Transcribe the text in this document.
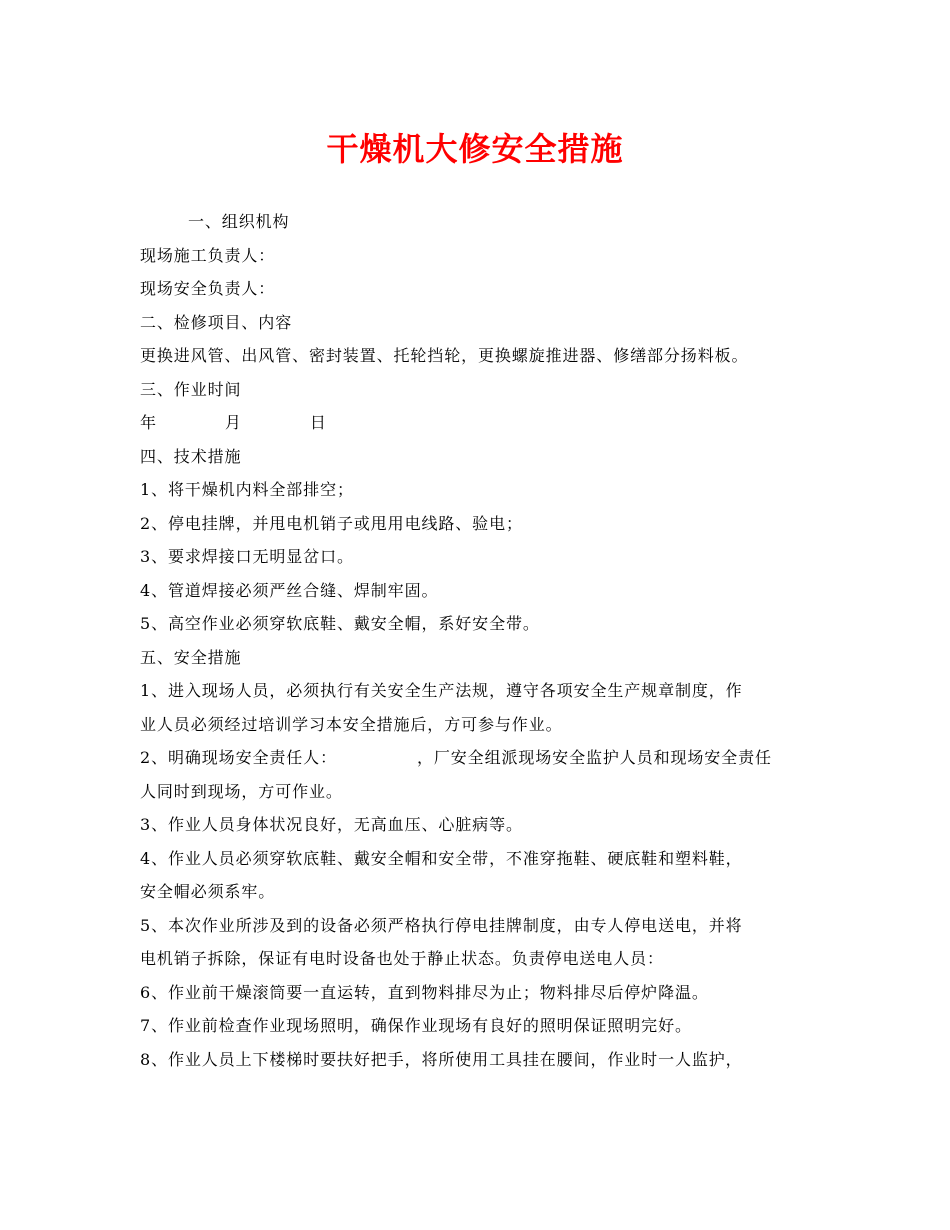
干燥机大修安全措施
一、组织机构
现场施工负责人：
现场安全负责人：
二、检修项目、内容
更换进风管、出风管、密封装置、托轮挡轮，更换螺旋推进器、修缮部分扬料板。
三、作业时间
年	月	日
四、技术措施
1、将干燥机内料全部排空；
2、停电挂牌，并甩电机销子或甩用电线路、验电；
3、要求焊接口无明显岔口。
4、管道焊接必须严丝合缝、焊制牢固。
5、高空作业必须穿软底鞋、戴安全帽，系好安全带。
五、安全措施
1、进入现场人员，必须执行有关安全生产法规，遵守各项安全生产规章制度，作
业人员必须经过培训学习本安全措施后，方可参与作业。
2、明确现场安全责任人：	，厂安全组派现场安全监护人员和现场安全责任
人同时到现场，方可作业。
3、作业人员身体状况良好，无高血压、心脏病等。
4、作业人员必须穿软底鞋、戴安全帽和安全带，不准穿拖鞋、硬底鞋和塑料鞋，
安全帽必须系牢。
5、本次作业所涉及到的设备必须严格执行停电挂牌制度，由专人停电送电，并将
电机销子拆除，保证有电时设备也处于静止状态。负责停电送电人员：
6、作业前干燥滚筒要一直运转，直到物料排尽为止；物料排尽后停炉降温。
7、作业前检查作业现场照明，确保作业现场有良好的照明保证照明完好。
8、作业人员上下楼梯时要扶好把手，将所使用工具挂在腰间，作业时一人监护，
